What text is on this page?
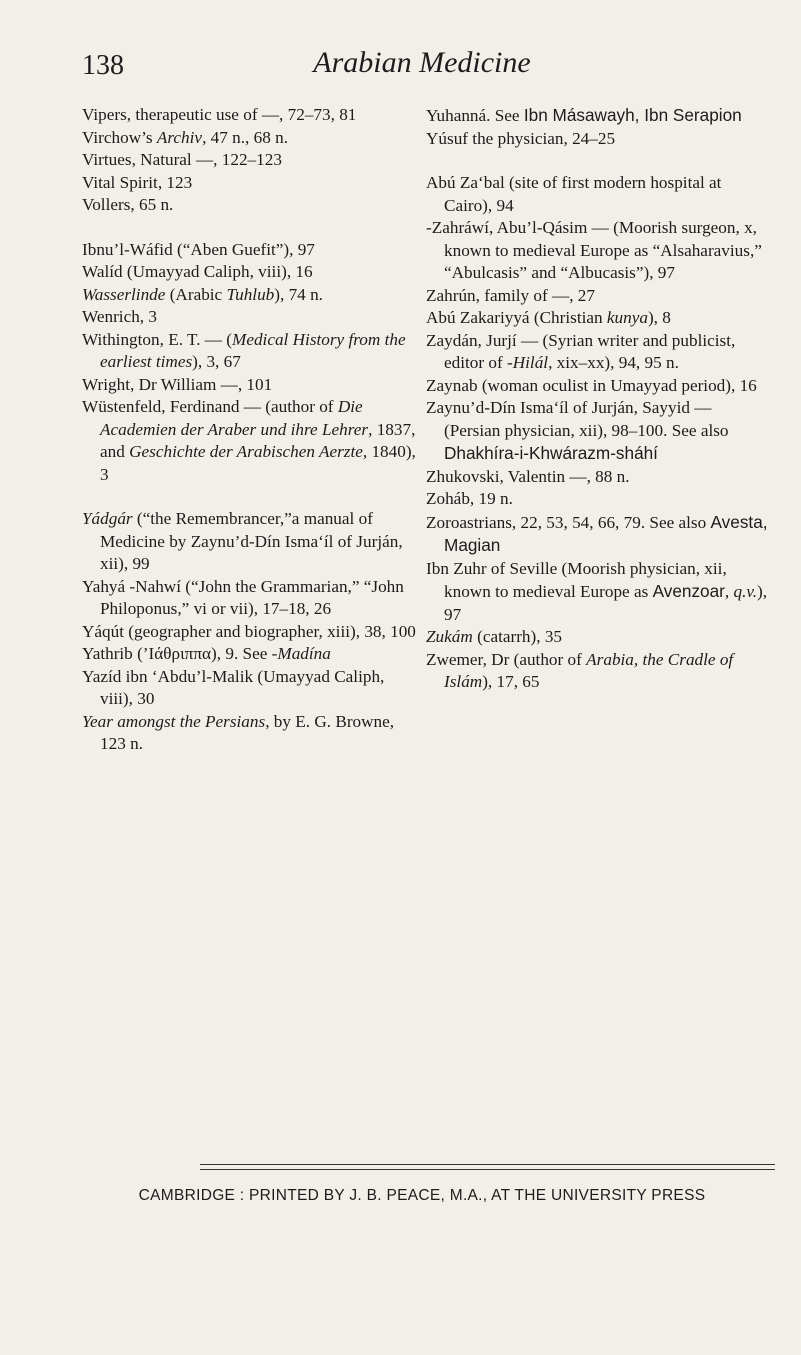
138	Arabian Medicine

Vipers, therapeutic use of —, 72–73, 81

Virchow’s Archiv, 47 n., 68 n.

Virtues, Natural —, 122–123

Vital Spirit, 123

Vollers, 65 n.

Ibnu’l-Wáfid (“Aben Guefit”), 97

Walíd (Umayyad Caliph, viii), 16

Wasserlinde (Arabic Tuhlub), 74 n.

Wenrich, 3

Withington, E. T. — (Medical History from the earliest times), 3, 67

Wright, Dr William —, 101

Wüstenfeld, Ferdinand — (author of Die Academien der Araber und ihre Lehrer, 1837, and Geschichte der Arabischen Aerzte, 1840), 3

Yádgár (“the Remembrancer,”a manual of Medicine by Zaynu’d-Dín Isma‘íl of Jurján, xii), 99

Yahyá -Nahwí (“John the Grammarian,” “John Philoponus,” vi or vii), 17–18, 26

Yáqút (geographer and biographer, xiii), 38, 100

Yathrib (’Ιάθριππα), 9. See -Madína

Yazíd ibn ‘Abdu’l-Malik (Umayyad Caliph, viii), 30

Year amongst the Persians, by E. G. Browne, 123 n.

Yuhanná. See Ibn Másawayh, Ibn Serapion

Yúsuf the physician, 24–25

Abú Za‘bal (site of first modern hospital at Cairo), 94

-Zahráwí, Abu’l-Qásim — (Moorish surgeon, x, known to medieval Europe as “Alsaharavius,” “Abulcasis” and “Albucasis”), 97

Zahrún, family of —, 27

Abú Zakariyyá (Christian kunya), 8

Zaydán, Jurjí — (Syrian writer and publicist, editor of -Hilál, xix–xx), 94, 95 n.

Zaynab (woman oculist in Umayyad period), 16

Zaynu’d-Dín Isma‘íl of Jurján, Sayyid — (Persian physician, xii), 98–100. See also Dhakhíra-i-Khwárazm-sháhí

Zhukovski, Valentin —, 88 n.

Zoháb, 19 n.

Zoroastrians, 22, 53, 54, 66, 79. See also Avesta, Magian

Ibn Zuhr of Seville (Moorish physician, xii, known to medieval Europe as Avenzoar, q.v.), 97

Zukám (catarrh), 35

Zwemer, Dr (author of Arabia, the Cradle of Islám), 17, 65

CAMBRIDGE : PRINTED BY J. B. PEACE, M.A., AT THE UNIVERSITY PRESS
